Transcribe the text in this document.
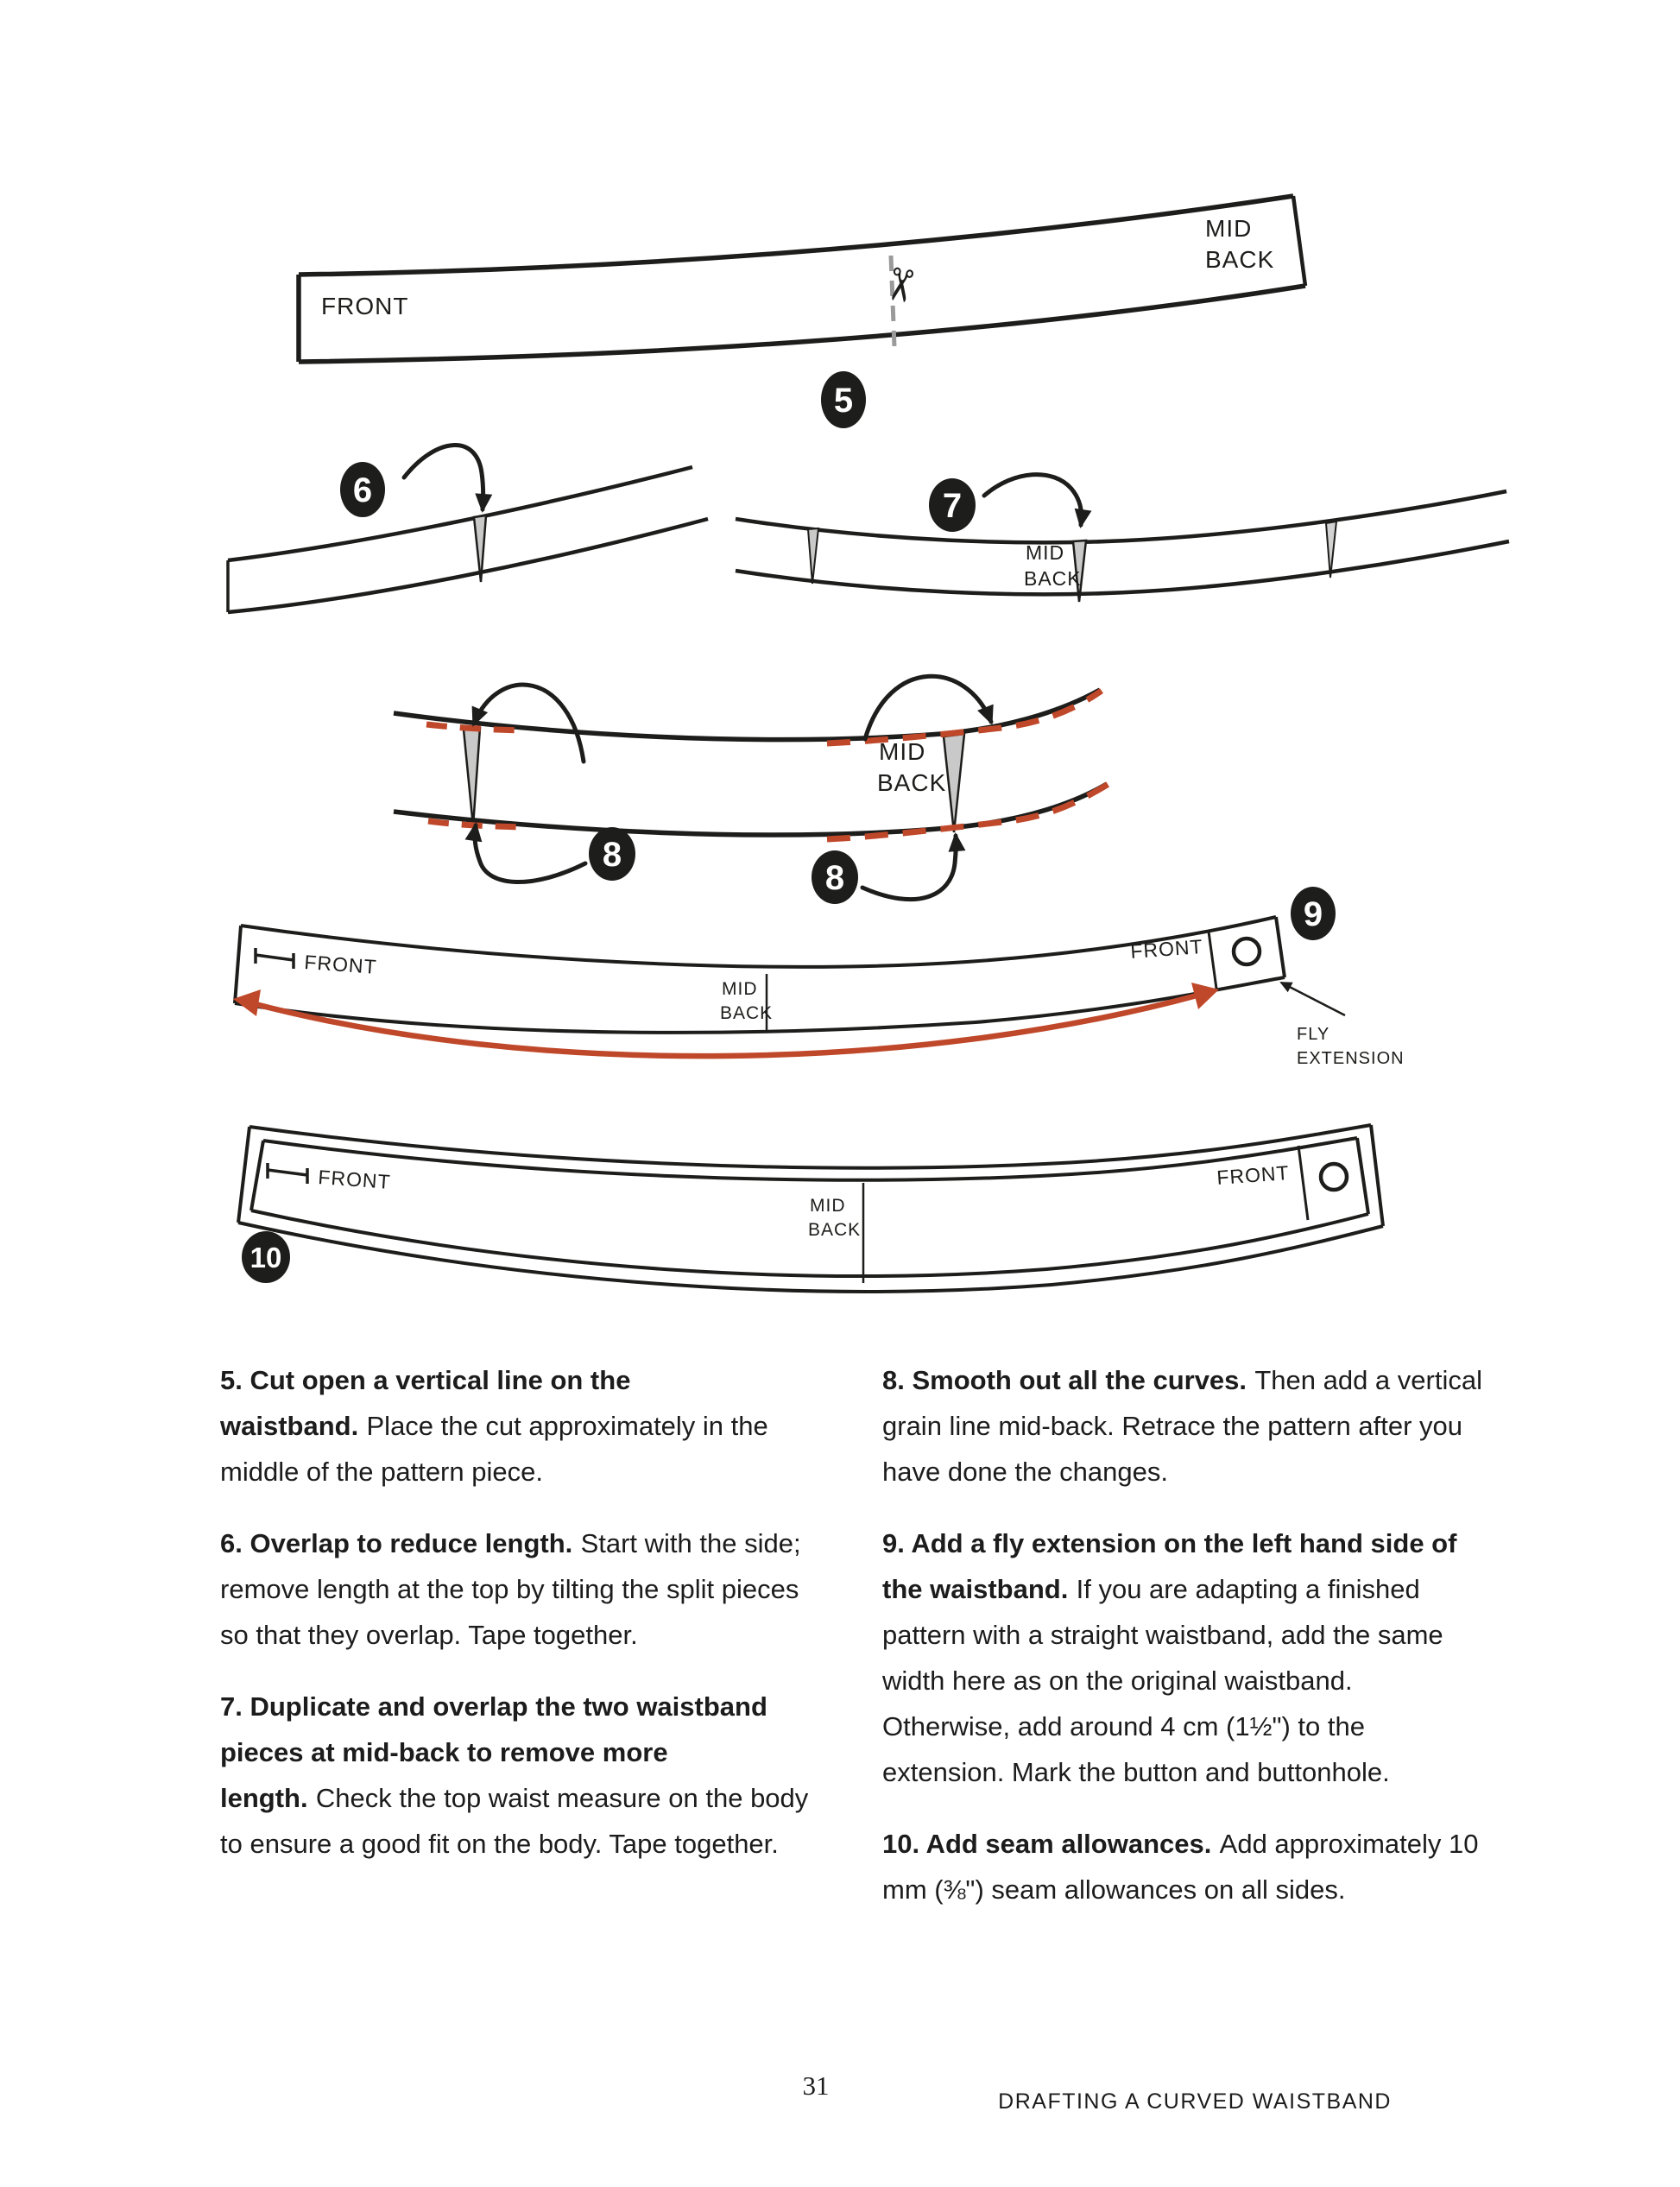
✂
FRONT
MID
BACK
5
6
MID
BACK
7
MID
BACK
8
8
MID
BACK
FRONT
FRONT
9
FLY
EXTENSION
MID
BACK
FRONT	FRONT
10

5. Cut open a vertical line on the waistband. Place the cut approximately in the middle of the pattern piece.

6. Overlap to reduce length. Start with the side; remove length at the top by tilting the split pieces so that they overlap. Tape together.

7. Duplicate and overlap the two waistband pieces at mid-back to remove more length. Check the top waist measure on the body to ensure a good fit on the body. Tape together.

8. Smooth out all the curves. Then add a vertical grain line mid-back. Retrace the pattern after you have done the changes.

9. Add a fly extension on the left hand side of the waistband. If you are adapting a finished pattern with a straight waistband, add the same width here as on the original waistband. Otherwise, add around 4 cm (1½") to the extension. Mark the button and buttonhole.

10. Add seam allowances. Add approximately 10 mm (⅜") seam allowances on all sides.

31
DRAFTING A CURVED WAISTBAND
